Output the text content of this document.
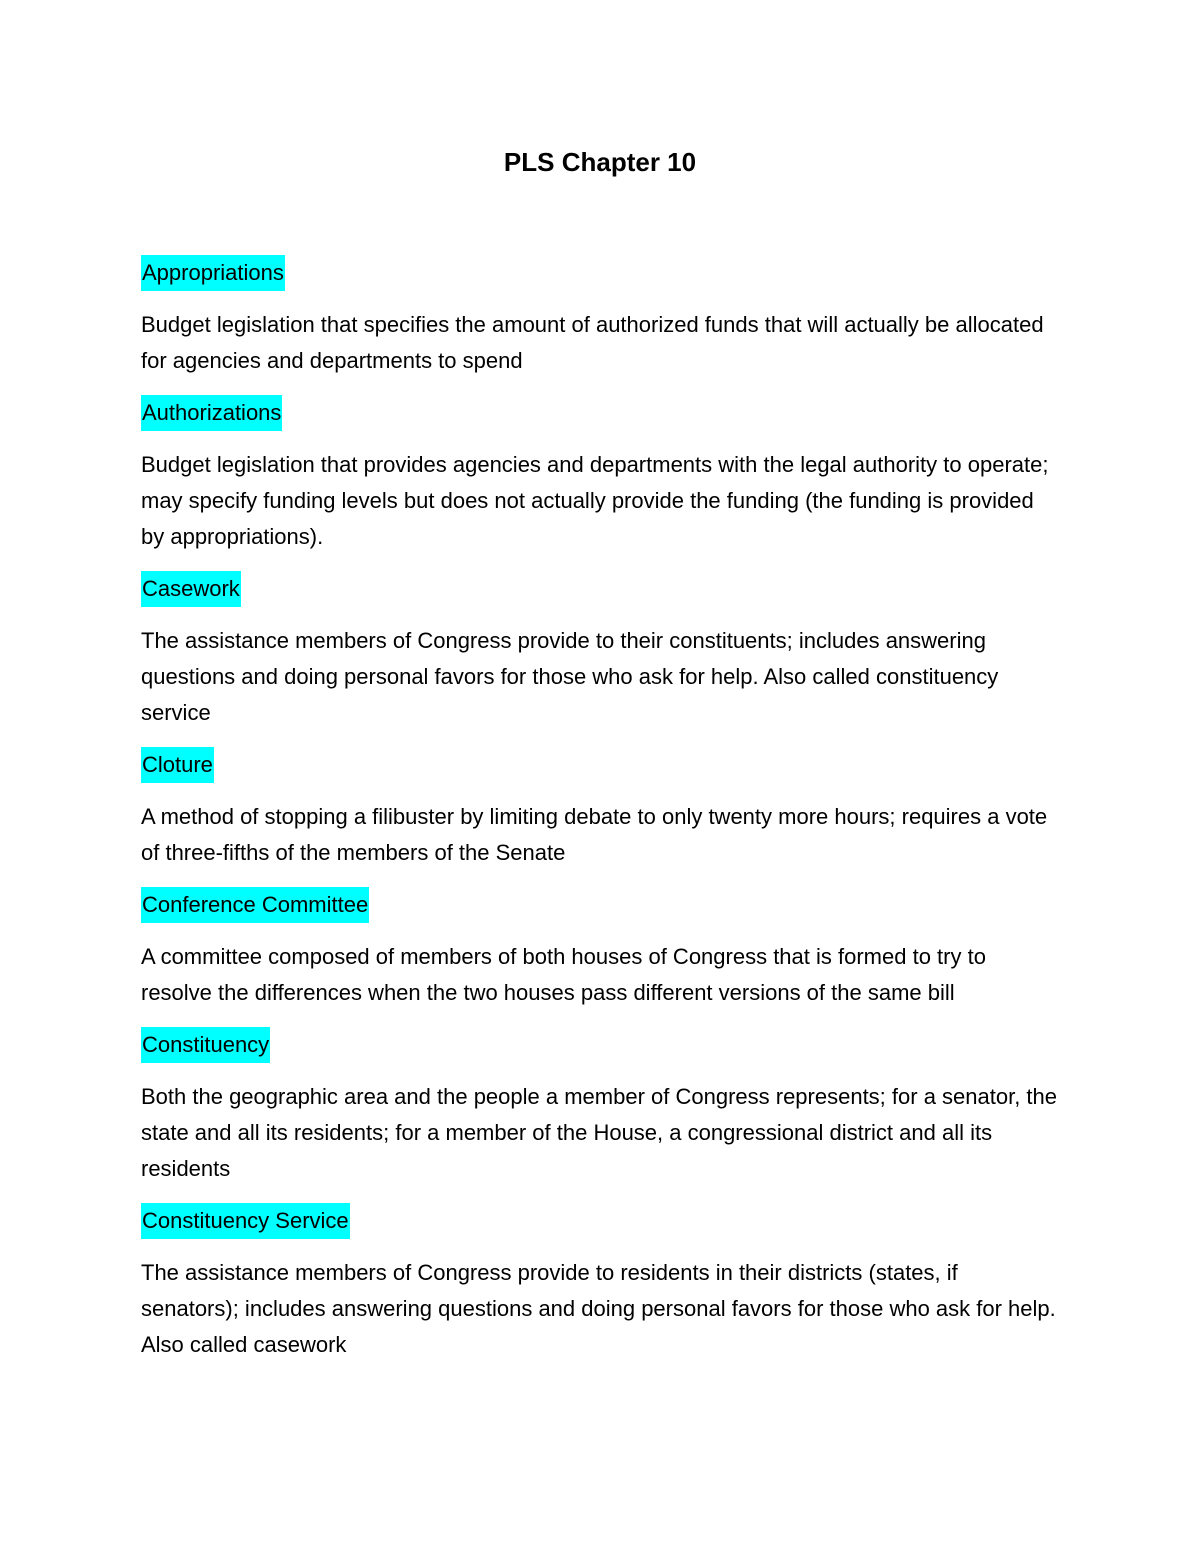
PLS Chapter 10
Appropriations

Budget legislation that specifies the amount of authorized funds that will actually be allocated for agencies and departments to spend

Authorizations

Budget legislation that provides agencies and departments with the legal authority to operate; may specify funding levels but does not actually provide the funding (the funding is provided by appropriations).

Casework

The assistance members of Congress provide to their constituents; includes answering questions and doing personal favors for those who ask for help. Also called constituency service

Cloture

A method of stopping a filibuster by limiting debate to only twenty more hours; requires a vote of three-fifths of the members of the Senate

Conference Committee

A committee composed of members of both houses of Congress that is formed to try to resolve the differences when the two houses pass different versions of the same bill

Constituency

Both the geographic area and the people a member of Congress represents; for a senator, the state and all its residents; for a member of the House, a congressional district and all its residents

Constituency Service

The assistance members of Congress provide to residents in their districts (states, if senators); includes answering questions and doing personal favors for those who ask for help. Also called casework
